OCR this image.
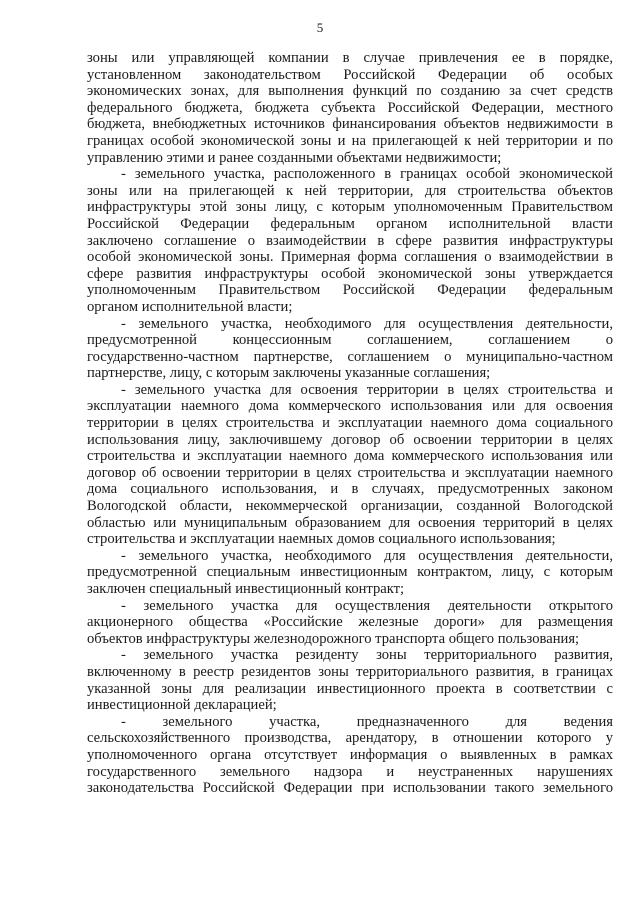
5
зоны или управляющей компании в случае привлечения ее в порядке,
установленном законодательством Российской Федерации об особых
экономических зонах, для выполнения функций по созданию за счет средств
федерального бюджета, бюджета субъекта Российской Федерации, местного
бюджета, внебюджетных источников финансирования объектов недвижимости в
границах особой экономической зоны и на прилегающей к ней территории и по
управлению этими и ранее созданными объектами недвижимости;
- земельного участка, расположенного в границах особой экономической
зоны или на прилегающей к ней территории, для строительства объектов
инфраструктуры этой зоны лицу, с которым уполномоченным Правительством
Российской Федерации федеральным органом исполнительной власти
заключено соглашение о взаимодействии в сфере развития инфраструктуры
особой экономической зоны. Примерная форма соглашения о взаимодействии в
сфере развития инфраструктуры особой экономической зоны утверждается
уполномоченным Правительством Российской Федерации федеральным
органом исполнительной власти;
- земельного участка, необходимого для осуществления деятельности,
предусмотренной концессионным соглашением, соглашением о
государственно-частном партнерстве, соглашением о муниципально-частном
партнерстве, лицу, с которым заключены указанные соглашения;
- земельного участка для освоения территории в целях строительства и
эксплуатации наемного дома коммерческого использования или для освоения
территории в целях строительства и эксплуатации наемного дома социального
использования лицу, заключившему договор об освоении территории в целях
строительства и эксплуатации наемного дома коммерческого использования или
договор об освоении территории в целях строительства и эксплуатации наемного
дома социального использования, и в случаях, предусмотренных законом
Вологодской области, некоммерческой организации, созданной Вологодской
областью или муниципальным образованием для освоения территорий в целях
строительства и эксплуатации наемных домов социального использования;
- земельного участка, необходимого для осуществления деятельности,
предусмотренной специальным инвестиционным контрактом, лицу, с которым
заключен специальный инвестиционный контракт;
- земельного участка для осуществления деятельности открытого
акционерного общества «Российские железные дороги» для размещения
объектов инфраструктуры железнодорожного транспорта общего пользования;
- земельного участка резиденту зоны территориального развития,
включенному в реестр резидентов зоны территориального развития, в границах
указанной зоны для реализации инвестиционного проекта в соответствии с
инвестиционной декларацией;
- земельного участка, предназначенного для ведения
сельскохозяйственного производства, арендатору, в отношении которого у
уполномоченного органа отсутствует информация о выявленных в рамках
государственного земельного надзора и неустраненных нарушениях
законодательства Российской Федерации при использовании такого земельного
